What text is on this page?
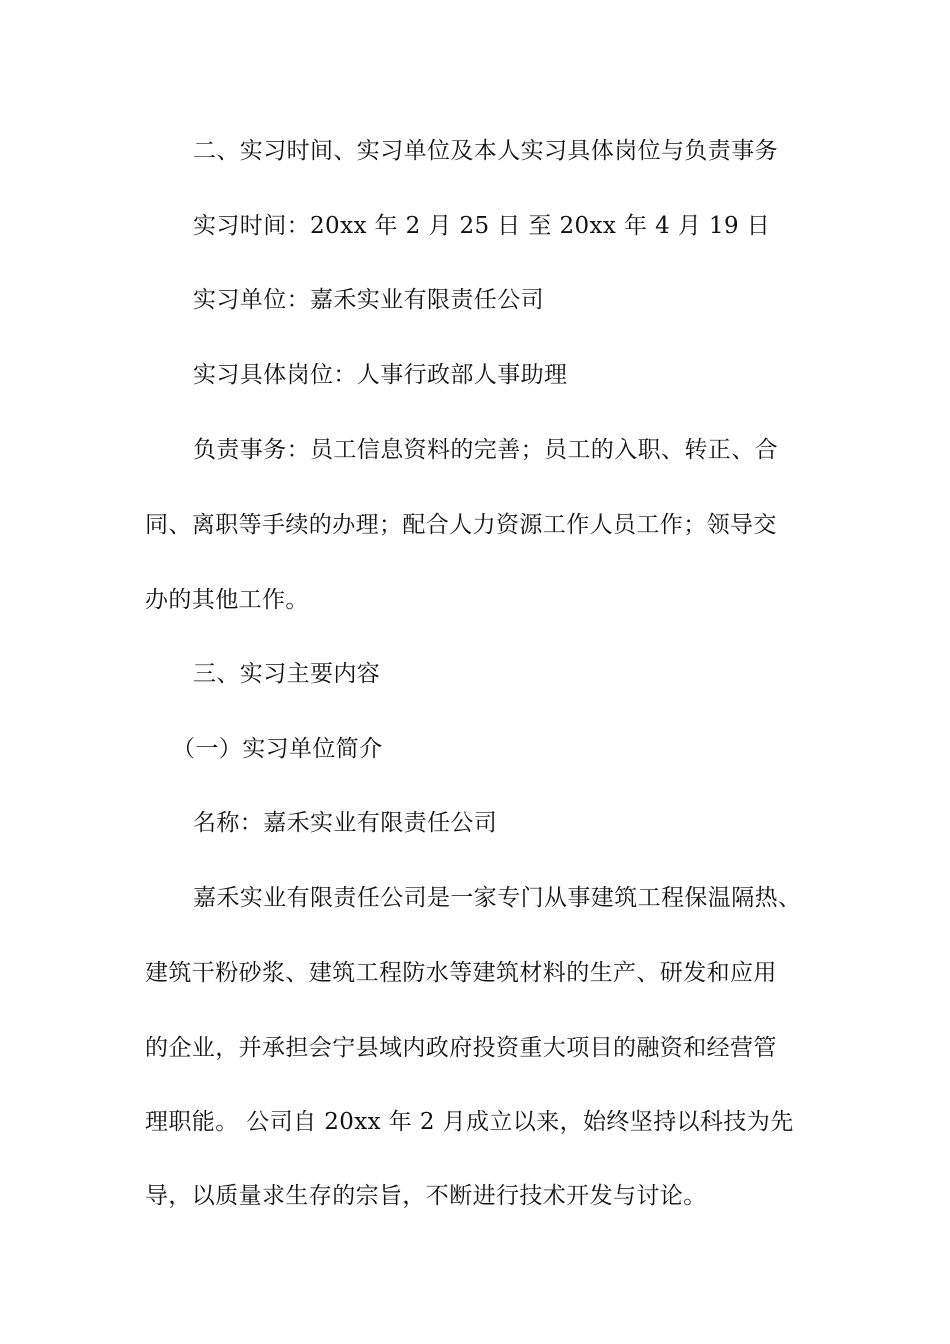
二、实习时间、实习单位及本人实习具体岗位与负责事务
实习时间：20xx 年 2 月 25 日 至 20xx 年 4 月 19 日
实习单位：嘉禾实业有限责任公司
实习具体岗位：人事行政部人事助理
负责事务：员工信息资料的完善；员工的入职、转正、合
同、离职等手续的办理；配合人力资源工作人员工作；领导交
办的其他工作。
三、实习主要内容
（一）实习单位简介
名称：嘉禾实业有限责任公司
嘉禾实业有限责任公司是一家专门从事建筑工程保温隔热、
建筑干粉砂浆、建筑工程防水等建筑材料的生产、研发和应用
的企业，并承担会宁县域内政府投资重大项目的融资和经营管
理职能。 公司自 20xx 年 2 月成立以来，始终坚持以科技为先
导，以质量求生存的宗旨，不断进行技术开发与讨论。
